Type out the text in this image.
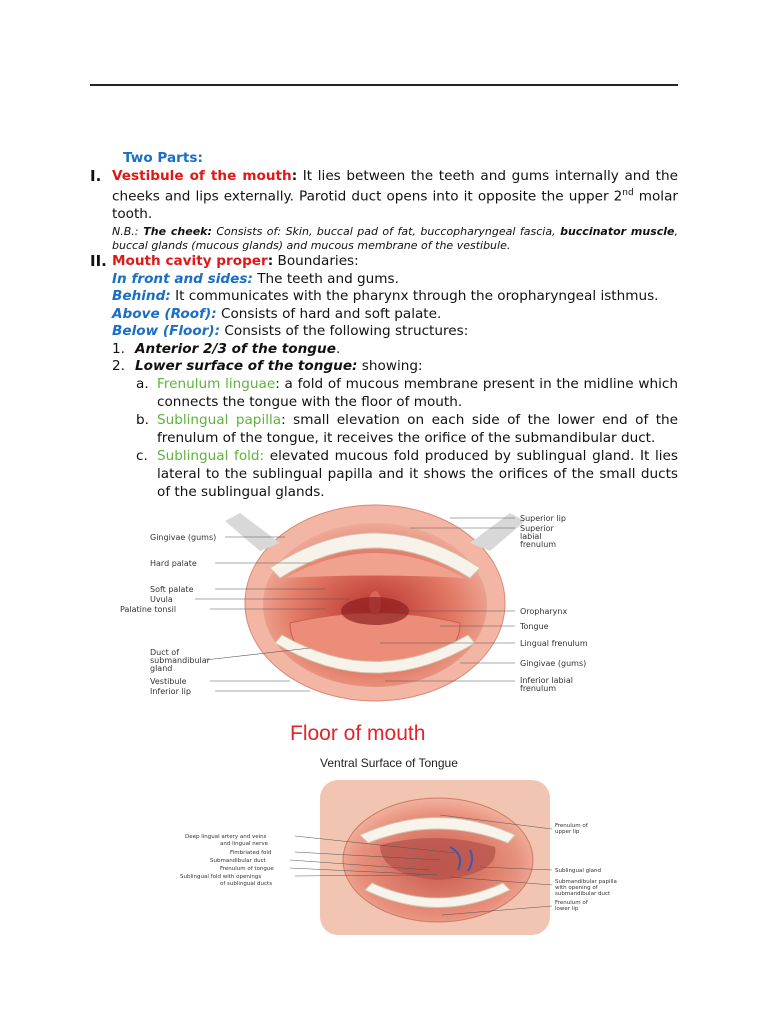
Two Parts:
I. Vestibule of the mouth: It lies between the teeth and gums internally and the cheeks and lips externally. Parotid duct opens into it opposite the upper 2nd molar tooth.
N.B.: The cheek: Consists of: Skin, buccal pad of fat, buccopharyngeal fascia, buccinator muscle, buccal glands (mucous glands) and mucous membrane of the vestibule.
II. Mouth cavity proper: Boundaries:
In front and sides: The teeth and gums.
Behind: It communicates with the pharynx through the oropharyngeal isthmus.
Above (Roof): Consists of hard and soft palate.
Below (Floor): Consists of the following structures:
1. Anterior 2/3 of the tongue.
2. Lower surface of the tongue: showing:
a. Frenulum linguae: a fold of mucous membrane present in the midline which connects the tongue with the floor of mouth.
b. Sublingual papilla: small elevation on each side of the lower end of the frenulum of the tongue, it receives the orifice of the submandibular duct.
c. Sublingual fold: elevated mucous fold produced by sublingual gland. It lies lateral to the sublingual papilla and it shows the orifices of the small ducts of the sublingual glands.
Gingivae (gums)
Hard palate
Soft palate
Uvula
Palatine tonsil
Duct of
submandibular
gland
Vestibule
Inferior lip
Superior lip
Superior
labial
frenulum
Oropharynx
Tongue
Lingual frenulum
Gingivae (gums)
Inferior labial
frenulum
Floor of mouth
Ventral Surface of Tongue
Deep lingual artery and veins
and lingual nerve
Fimbriated fold
Submandibular duct
Frenulum of tongue
Sublingual fold with openings
of sublingual ducts
Frenulum of
upper lip
Sublingual gland
Submandibular papilla
with opening of
submandibular duct
Frenulum of
lower lip
